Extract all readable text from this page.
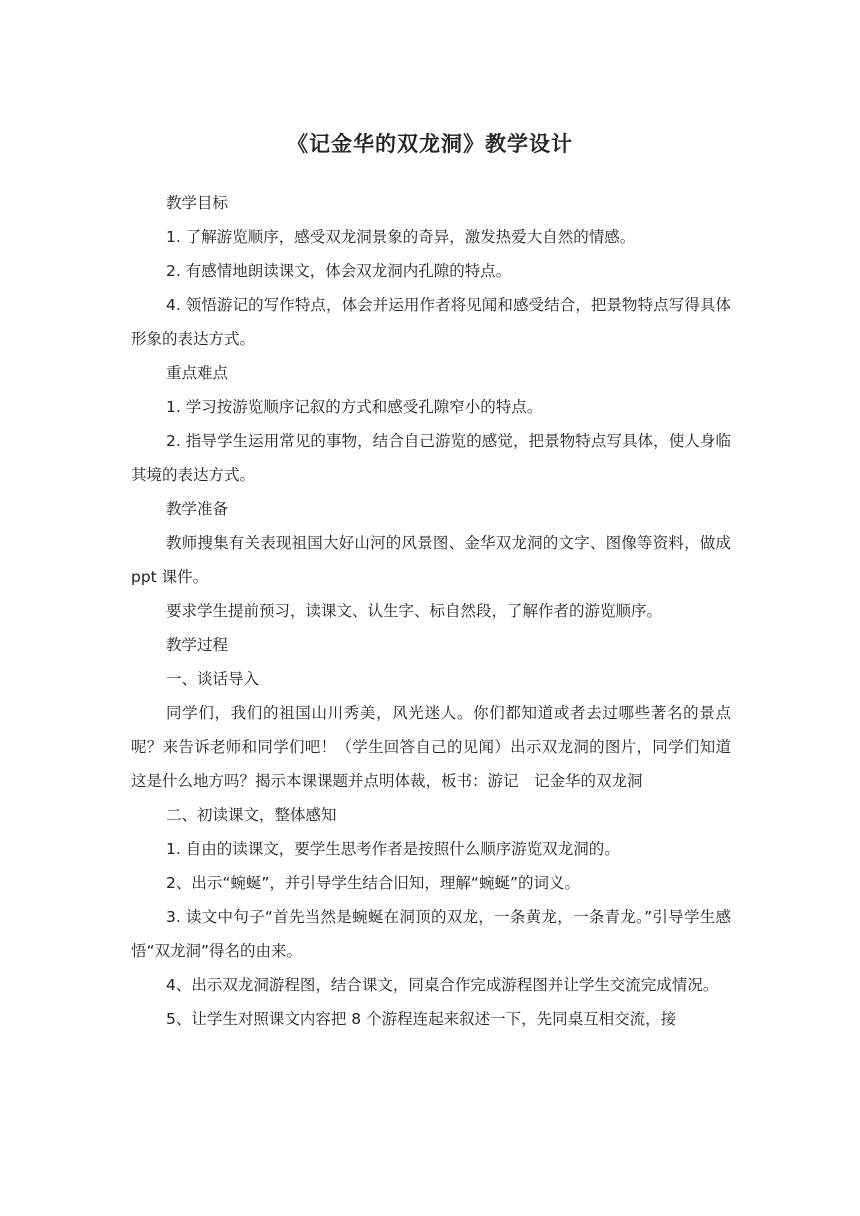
《记金华的双龙洞》教学设计

教学目标

1. 了解游览顺序，感受双龙洞景象的奇异，激发热爱大自然的情感。

2. 有感情地朗读课文，体会双龙洞内孔隙的特点。

4. 领悟游记的写作特点，体会并运用作者将见闻和感受结合，把景物特点写得具体形象的表达方式。

重点难点

1. 学习按游览顺序记叙的方式和感受孔隙窄小的特点。

2. 指导学生运用常见的事物，结合自己游览的感觉，把景物特点写具体，使人身临其境的表达方式。

教学准备

教师搜集有关表现祖国大好山河的风景图、金华双龙洞的文字、图像等资料，做成 ppt 课件。

要求学生提前预习，读课文、认生字、标自然段，了解作者的游览顺序。

教学过程

一、谈话导入

同学们，我们的祖国山川秀美，风光迷人。你们都知道或者去过哪些著名的景点呢？来告诉老师和同学们吧！（学生回答自己的见闻）出示双龙洞的图片，同学们知道这是什么地方吗？揭示本课课题并点明体裁，板书：游记　记金华的双龙洞

二、初读课文，整体感知

1. 自由的读课文，要学生思考作者是按照什么顺序游览双龙洞的。

2、出示“蜿蜒”，并引导学生结合旧知，理解“蜿蜒”的词义。

3. 读文中句子“首先当然是蜿蜒在洞顶的双龙，一条黄龙，一条青龙。”引导学生感悟“双龙洞”得名的由来。

4、出示双龙洞游程图，结合课文，同桌合作完成游程图并让学生交流完成情况。

5、让学生对照课文内容把 8 个游程连起来叙述一下，先同桌互相交流，接
